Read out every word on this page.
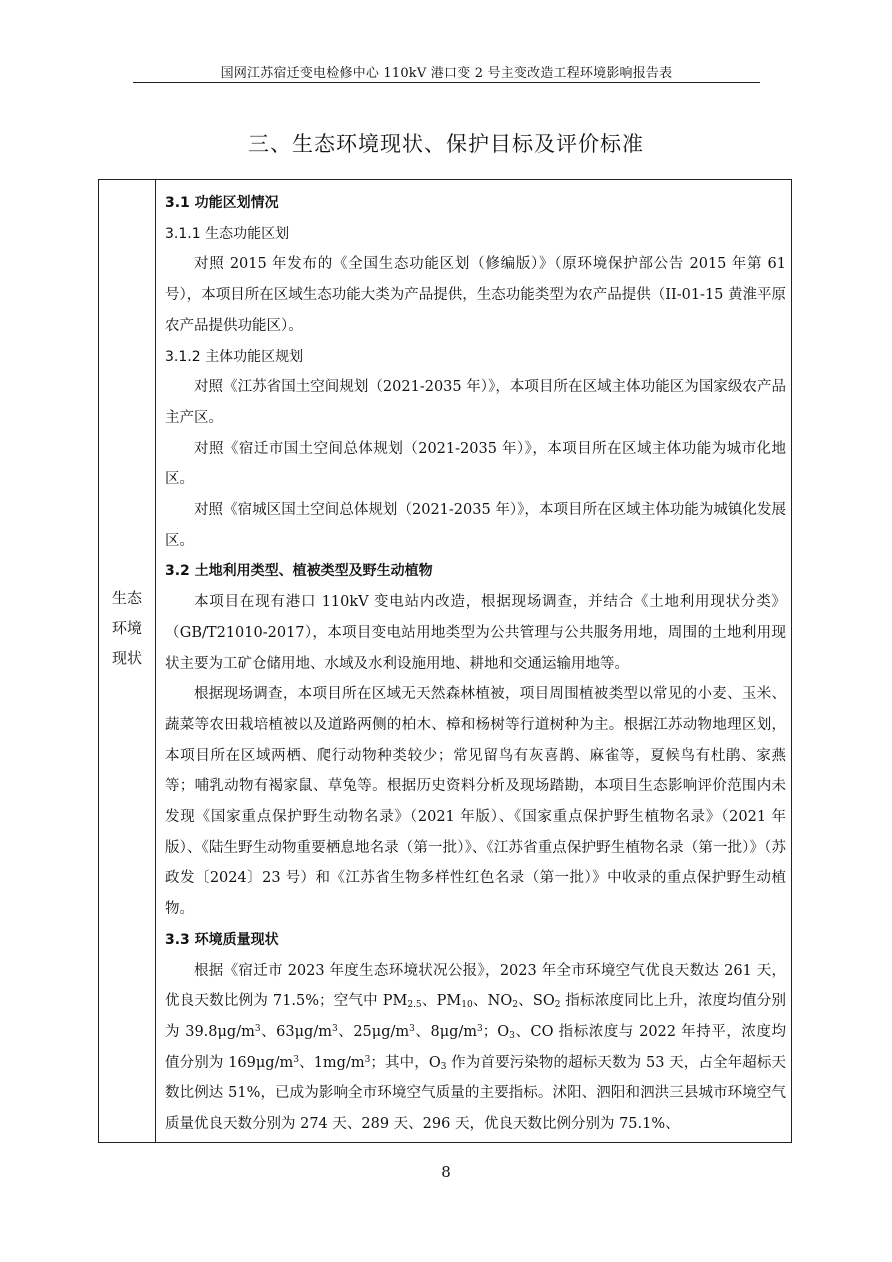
国网江苏宿迁变电检修中心 110kV 港口变 2 号主变改造工程环境影响报告表
三、生态环境现状、保护目标及评价标准
生态
环境
现状

3.1 功能区划情况

3.1.1 生态功能区划

对照 2015 年发布的《全国生态功能区划（修编版）》（原环境保护部公告 2015 年第 61 号），本项目所在区域生态功能大类为产品提供，生态功能类型为农产品提供（II-01-15 黄淮平原农产品提供功能区）。

3.1.2 主体功能区规划

对照《江苏省国土空间规划（2021-2035 年）》，本项目所在区域主体功能区为国家级农产品主产区。

对照《宿迁市国土空间总体规划（2021-2035 年）》，本项目所在区域主体功能为城市化地区。

对照《宿城区国土空间总体规划（2021-2035 年）》，本项目所在区域主体功能为城镇化发展区。

3.2 土地利用类型、植被类型及野生动植物

本项目在现有港口 110kV 变电站内改造，根据现场调查，并结合《土地利用现状分类》（GB/T21010-2017），本项目变电站用地类型为公共管理与公共服务用地，周围的土地利用现状主要为工矿仓储用地、水域及水利设施用地、耕地和交通运输用地等。

根据现场调查，本项目所在区域无天然森林植被，项目周围植被类型以常见的小麦、玉米、蔬菜等农田栽培植被以及道路两侧的柏木、樟和杨树等行道树种为主。根据江苏动物地理区划，本项目所在区域两栖、爬行动物种类较少；常见留鸟有灰喜鹊、麻雀等，夏候鸟有杜鹃、家燕等；哺乳动物有褐家鼠、草兔等。根据历史资料分析及现场踏勘，本项目生态影响评价范围内未发现《国家重点保护野生动物名录》（2021 年版）、《国家重点保护野生植物名录》（2021 年版）、《陆生野生动物重要栖息地名录（第一批）》、《江苏省重点保护野生植物名录（第一批）》（苏政发〔2024〕23 号）和《江苏省生物多样性红色名录（第一批）》中收录的重点保护野生动植物。

3.3 环境质量现状

根据《宿迁市 2023 年度生态环境状况公报》，2023 年全市环境空气优良天数达 261 天，优良天数比例为 71.5%；空气中 $PM_{2.5}$、$PM_{10}$、$NO_2$、$SO_2$ 指标浓度同比上升，浓度均值分别为 $39.8\mu g/m^3$、$63\mu g/m^3$、$25\mu g/m^3$、$8\mu g/m^3$；$O_3$、CO 指标浓度与 2022 年持平，浓度均值分别为 $169\mu g/m^3$、$1mg/m^3$；其中，$O_3$ 作为首要污染物的超标天数为 53 天，占全年超标天数比例达 51%，已成为影响全市环境空气质量的主要指标。沭阳、泗阳和泗洪三县城市环境空气质量优良天数分别为 274 天、289 天、296 天，优良天数比例分别为 75.1%、

8
